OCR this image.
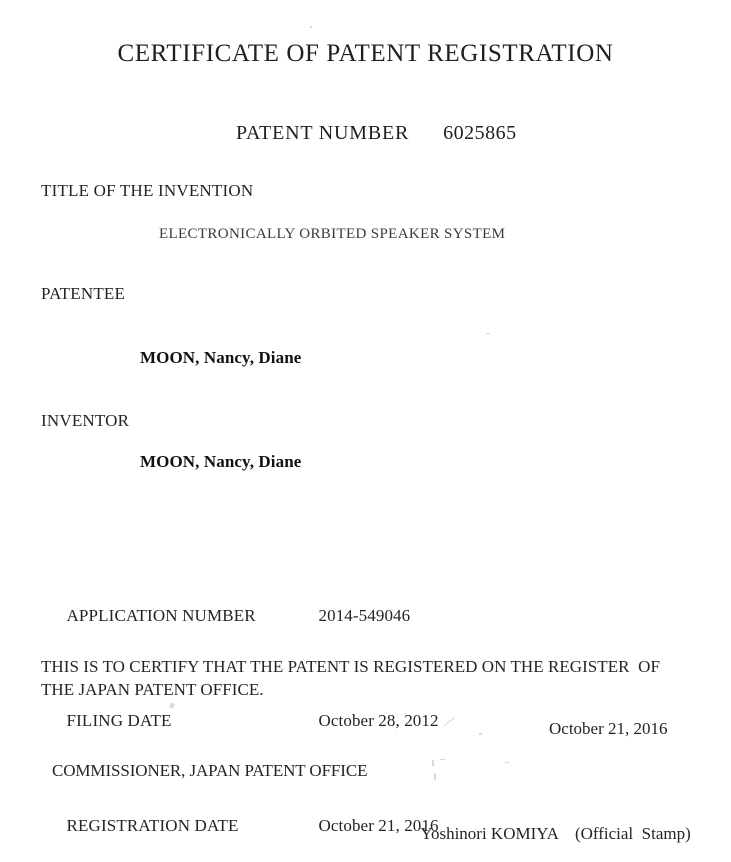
CERTIFICATE OF PATENT REGISTRATION

PATENT NUMBER 6025865

TITLE OF THE INVENTION
ELECTRONICALLY ORBITED SPEAKER SYSTEM
PATENTEE
MOON, Nancy, Diane
INVENTOR
MOON, Nancy, Diane

APPLICATION NUMBER	2014-549046

FILING DATE	October 28, 2012

REGISTRATION DATE	October 21, 2016

THIS IS TO CERTIFY THAT THE PATENT IS REGISTERED ON THE REGISTER  OF
THE JAPAN PATENT OFFICE.
October 21, 2016
COMMISSIONER, JAPAN PATENT OFFICE

Yoshinori KOMIYA (Official  Stamp)
